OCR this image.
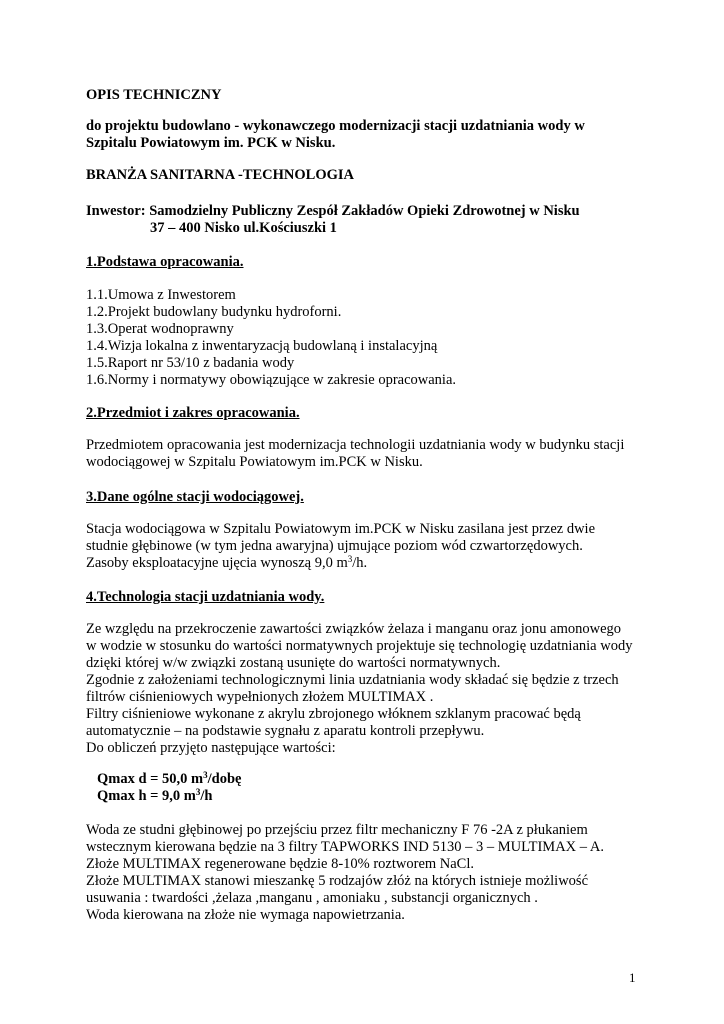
OPIS TECHNICZNY

do projektu budowlano - wykonawczego modernizacji stacji uzdatniania wody w
Szpitalu Powiatowym im. PCK w Nisku.

BRANŻA SANITARNA -TECHNOLOGIA

Inwestor: Samodzielny Publiczny Zespół Zakładów Opieki Zdrowotnej w Nisku
37 – 400 Nisko ul.Kościuszki 1

1.Podstawa opracowania.

1.1.Umowa z Inwestorem
1.2.Projekt budowlany budynku hydroforni.
1.3.Operat wodnoprawny
1.4.Wizja lokalna z inwentaryzacją budowlaną i instalacyjną
1.5.Raport nr 53/10 z badania wody
1.6.Normy i normatywy obowiązujące w zakresie opracowania.

2.Przedmiot i zakres opracowania.

Przedmiotem opracowania jest modernizacja technologii uzdatniania wody w budynku stacji
wodociągowej w Szpitalu Powiatowym im.PCK w Nisku.

3.Dane ogólne stacji wodociągowej.

Stacja wodociągowa w Szpitalu Powiatowym im.PCK w Nisku zasilana jest przez dwie
studnie głębinowe (w tym jedna awaryjna) ujmujące poziom wód czwartorzędowych.
Zasoby eksploatacyjne ujęcia wynoszą 9,0 $m^3/h$.

4.Technologia stacji uzdatniania wody.

Ze względu na przekroczenie zawartości związków żelaza i manganu oraz jonu amonowego
w wodzie w stosunku do wartości normatywnych projektuje się technologię uzdatniania wody
dzięki której w/w związki zostaną usunięte do wartości normatywnych.
Zgodnie z założeniami technologicznymi linia uzdatniania wody składać się będzie z trzech
filtrów ciśnieniowych wypełnionych złożem MULTIMAX .
Filtry ciśnieniowe wykonane z akrylu zbrojonego włóknem szklanym pracować będą
automatycznie – na podstawie sygnału z aparatu kontroli przepływu.
Do obliczeń przyjęto następujące wartości:
Qmax d = 50,0 $m^3$/dobę
Qmax h = 9,0 $m^3/h$
Woda ze studni głębinowej po przejściu przez filtr mechaniczny F 76 -2A z płukaniem
wstecznym kierowana będzie na 3 filtry TAPWORKS IND 5130 – 3 – MULTIMAX – A.
Złoże MULTIMAX regenerowane będzie 8-10% roztworem NaCl.
Złoże MULTIMAX stanowi mieszankę 5 rodzajów złóż na których istnieje możliwość
usuwania : twardości ,żelaza ,manganu , amoniaku , substancji organicznych .
Woda kierowana na złoże nie wymaga napowietrzania.
1
